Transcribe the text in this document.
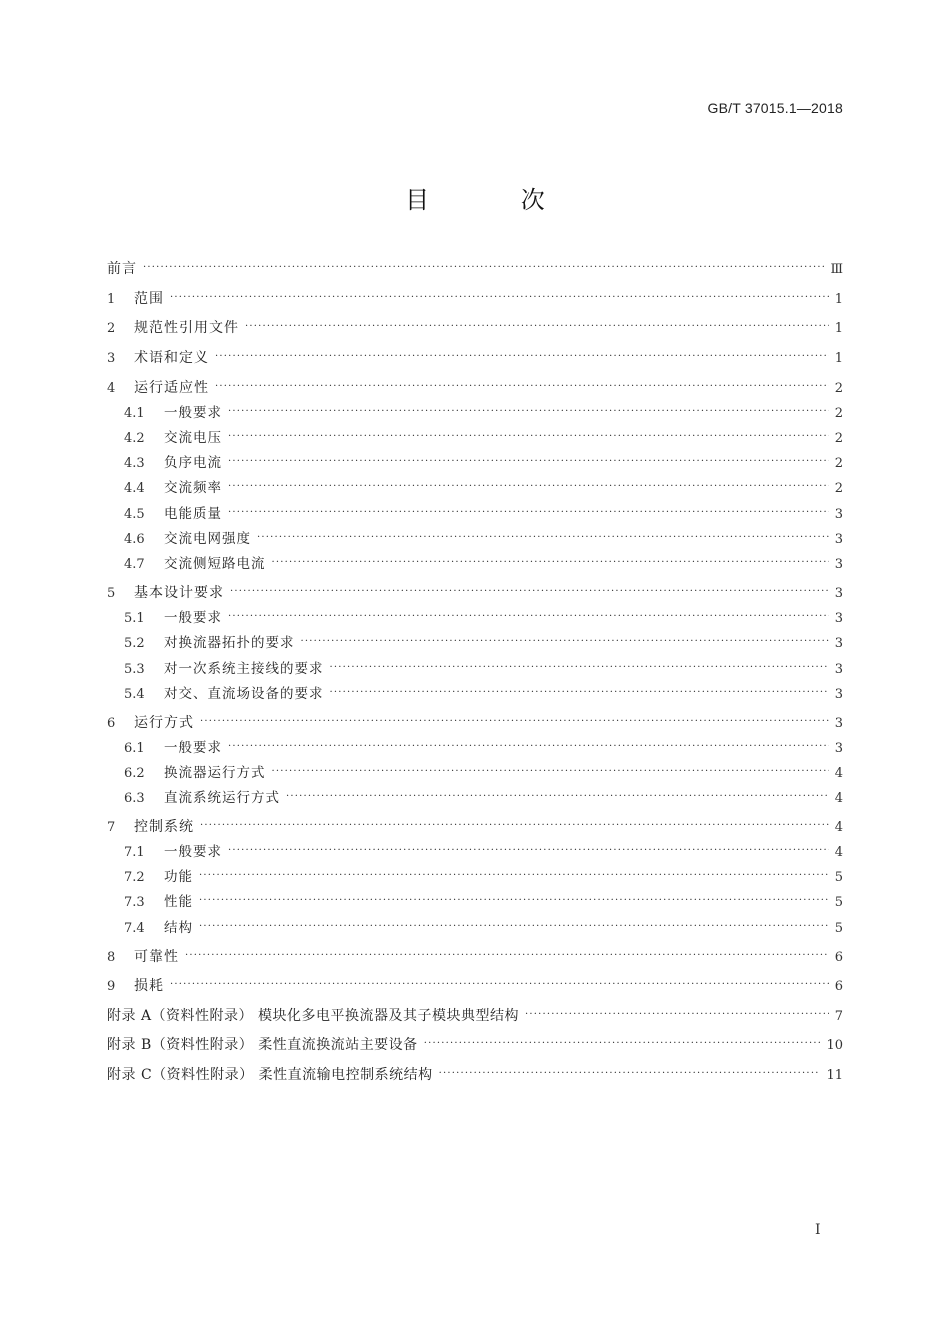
GB/T 37015.1—2018
目 次
前言 ·····	Ⅲ
1	范围 ·····	1
2	规范性引用文件 ·····	1
3	术语和定义 ·····	1
4	运行适应性 ·····	2
4.1	一般要求 ·····	2
4.2	交流电压 ·····	2
4.3	负序电流 ·····	2
4.4	交流频率 ·····	2
4.5	电能质量 ·····	3
4.6	交流电网强度 ·····	3
4.7	交流侧短路电流 ·····	3
5	基本设计要求 ·····	3
5.1	一般要求 ·····	3
5.2	对换流器拓扑的要求 ·····	3
5.3	对一次系统主接线的要求 ·····	3
5.4	对交、直流场设备的要求 ·····	3
6	运行方式 ·····	3
6.1	一般要求 ·····	3
6.2	换流器运行方式 ·····	4
6.3	直流系统运行方式 ·····	4
7	控制系统 ·····	4
7.1	一般要求 ·····	4
7.2	功能 ·····	5
7.3	性能 ·····	5
7.4	结构 ·····	5
8	可靠性 ·····	6
9	损耗 ·····	6
附录 A（资料性附录） 模块化多电平换流器及其子模块典型结构 ·····	7
附录 B（资料性附录） 柔性直流换流站主要设备 ·····	10
附录 C（资料性附录） 柔性直流输电控制系统结构 ·····	11
Ⅰ
